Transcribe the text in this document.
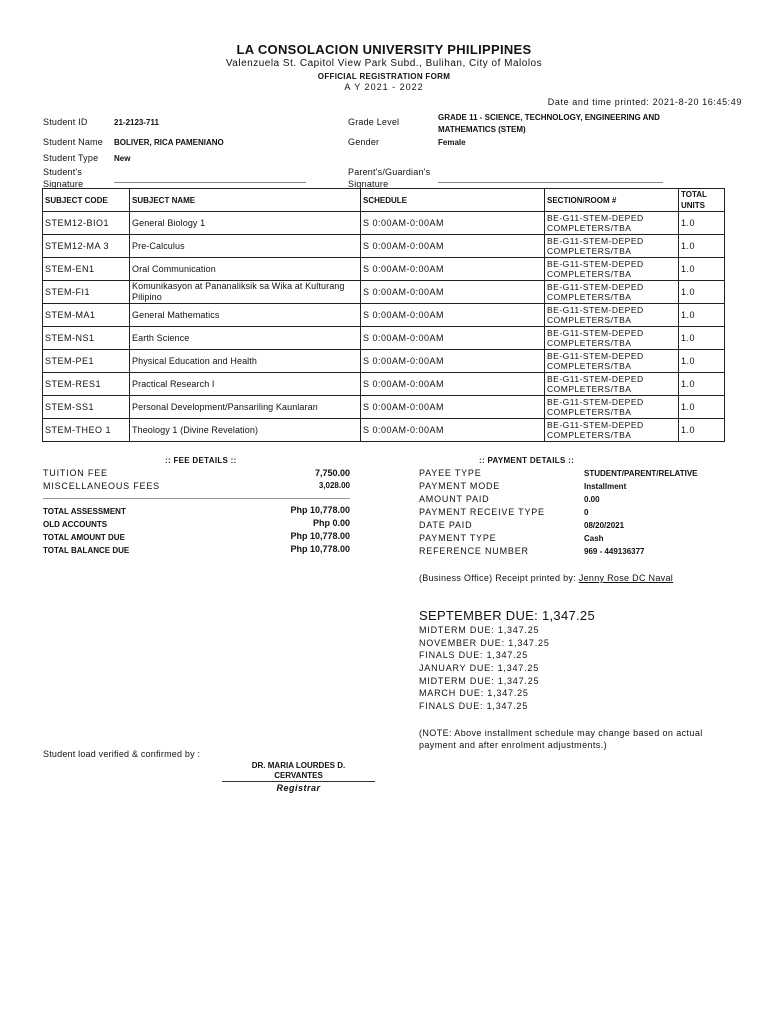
LA CONSOLACION UNIVERSITY PHILIPPINES
Valenzuela St. Capitol View Park Subd., Bulihan, City of Malolos
OFFICIAL REGISTRATION FORM
A Y 2021 - 2022
Date and time printed: 2021-8-20 16:45:49
Student ID	21-2123-711
Student Name BOLIVER, RICA PAMENIANO
Student Type New
Student's
Signature
Grade Level	GRADE 11 - SCIENCE, TECHNOLOGY, ENGINEERING AND
MATHEMATICS (STEM)
Gender	Female
Parent's/Guardian's
Signature
SUBJECT CODE	SUBJECT NAME	SCHEDULE	SECTION/ROOM #	TOTAL
UNITS
STEM12-BIO1	General Biology 1	S 0:00AM-0:00AM	BE-G11-STEM-DEPED
COMPLETERS/TBA	1.0
STEM12-MA 3	Pre-Calculus	S 0:00AM-0:00AM	BE-G11-STEM-DEPED
COMPLETERS/TBA	1.0
STEM-EN1	Oral Communication	S 0:00AM-0:00AM	BE-G11-STEM-DEPED
COMPLETERS/TBA	1.0
STEM-FI1	Komunikasyon at Pananaliksik sa Wika at Kulturang Pilipino	S 0:00AM-0:00AM	BE-G11-STEM-DEPED
COMPLETERS/TBA	1.0
STEM-MA1	General Mathematics	S 0:00AM-0:00AM	BE-G11-STEM-DEPED
COMPLETERS/TBA	1.0
STEM-NS1	Earth Science	S 0:00AM-0:00AM	BE-G11-STEM-DEPED
COMPLETERS/TBA	1.0
STEM-PE1	Physical Education and Health	S 0:00AM-0:00AM	BE-G11-STEM-DEPED
COMPLETERS/TBA	1.0
STEM-RES1	Practical Research I	S 0:00AM-0:00AM	BE-G11-STEM-DEPED
COMPLETERS/TBA	1.0
STEM-SS1	Personal Development/Pansariling Kaunlaran	S 0:00AM-0:00AM	BE-G11-STEM-DEPED
COMPLETERS/TBA	1.0
STEM-THEO 1	Theology 1 (Divine Revelation)	S 0:00AM-0:00AM	BE-G11-STEM-DEPED
COMPLETERS/TBA	1.0
:: FEE DETAILS ::
TUITION FEE	7,750.00
MISCELLANEOUS FEES	3,028.00
TOTAL ASSESSMENT	Php 10,778.00
OLD ACCOUNTS	Php 0.00
TOTAL AMOUNT DUE	Php 10,778.00
TOTAL BALANCE DUE	Php 10,778.00
:: PAYMENT DETAILS ::
PAYEE TYPE	STUDENT/PARENT/RELATIVE
PAYMENT MODE	Installment
AMOUNT PAID	0.00
PAYMENT RECEIVE TYPE	0
DATE PAID	08/20/2021
PAYMENT TYPE	Cash
REFERENCE NUMBER	969 - 449136377
(Business Office) Receipt printed by: Jenny Rose DC Naval
SEPTEMBER DUE: 1,347.25
MIDTERM DUE: 1,347.25
NOVEMBER DUE: 1,347.25
FINALS DUE: 1,347.25
JANUARY DUE: 1,347.25
MIDTERM DUE: 1,347.25
MARCH DUE: 1,347.25
FINALS DUE: 1,347.25
(NOTE: Above installment schedule may change based on actual
payment and after enrolment adjustments.)
Student load verified & confirmed by :
DR. MARIA LOURDES D.
CERVANTES
Registrar
